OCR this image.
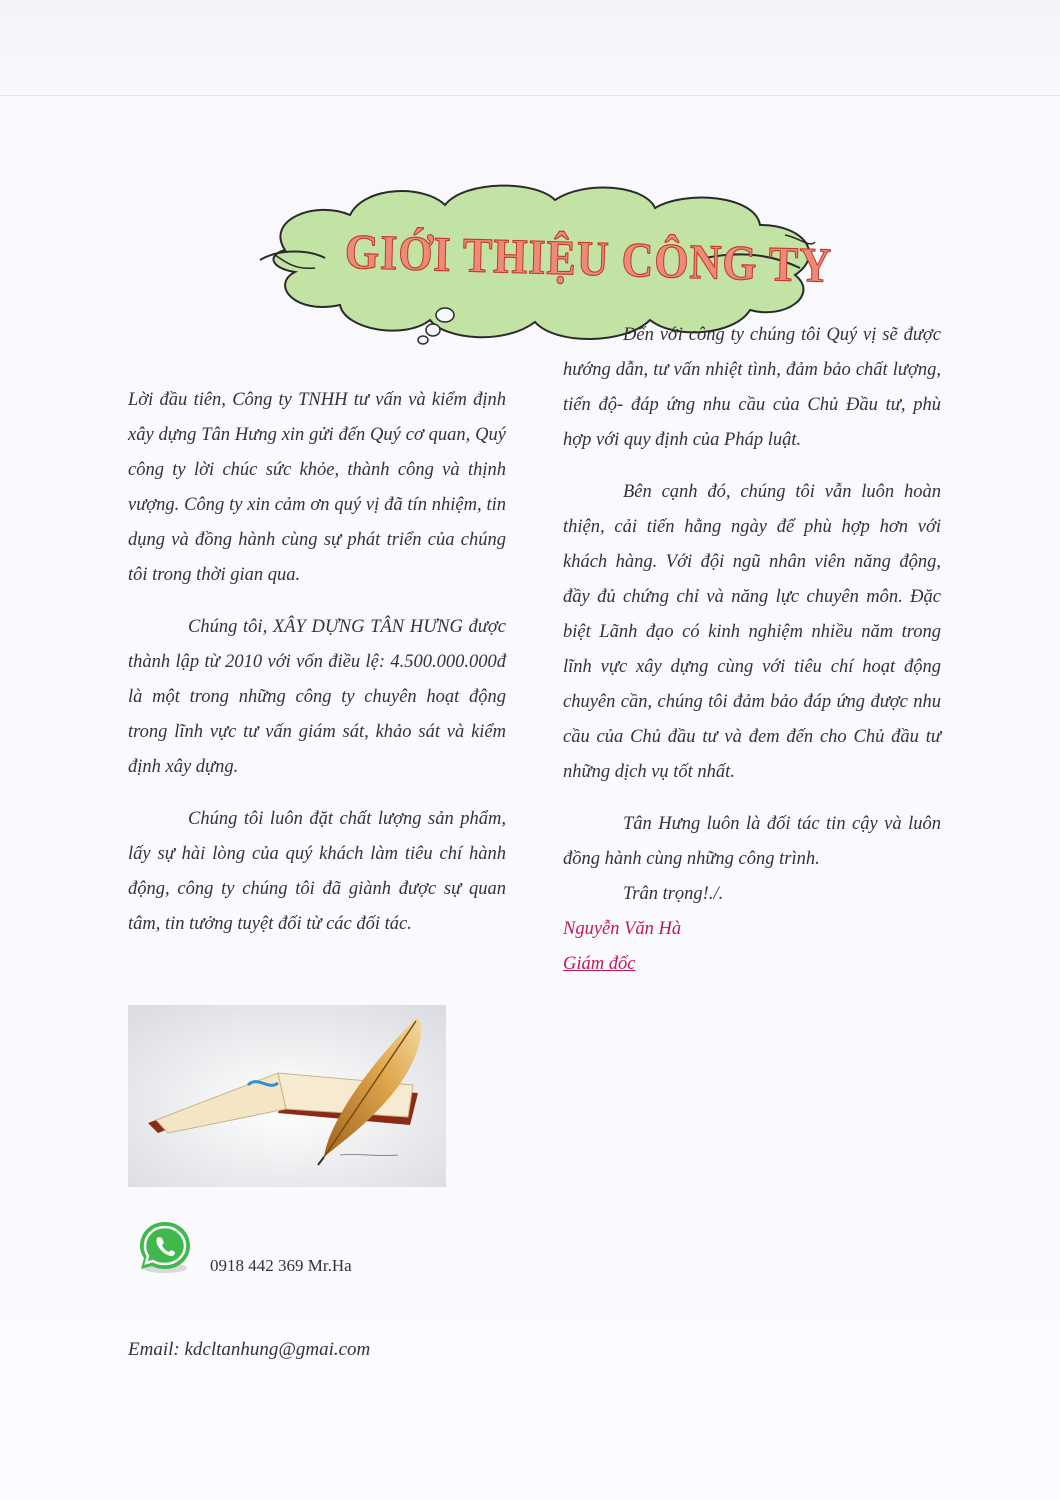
GIỚI THIỆU CÔNG TY

Lời đầu tiên, Công ty TNHH tư vấn và kiểm định xây dựng Tân Hưng xin gửi đến Quý cơ quan, Quý công ty lời chúc sức khỏe, thành công và thịnh vượng. Công ty xin cảm ơn quý vị đã tín nhiệm, tin dụng và đồng hành cùng sự phát triển của chúng tôi trong thời gian qua.

Chúng tôi, XÂY DỰNG TÂN HƯNG được thành lập từ 2010 với vốn điều lệ: 4.500.000.000đ là một trong những công ty chuyên hoạt động trong lĩnh vực tư vấn giám sát, khảo sát và kiểm định xây dựng.

Chúng tôi luôn đặt chất lượng sản phẩm, lấy sự hài lòng của quý khách làm tiêu chí hành động, công ty chúng tôi đã giành được sự quan tâm, tin tưởng tuyệt đối từ các đối tác.

Đến với công ty chúng tôi Quý vị sẽ được hướng dẫn, tư vấn nhiệt tình, đảm bảo chất lượng, tiến độ- đáp ứng nhu cầu của Chủ Đầu tư, phù hợp với quy định của Pháp luật.

Bên cạnh đó, chúng tôi vẫn luôn hoàn thiện, cải tiến hằng ngày để phù hợp hơn với khách hàng. Với đội ngũ nhân viên năng động, đầy đủ chứng chỉ và năng lực chuyên môn. Đặc biệt Lãnh đạo có kinh nghiệm nhiều năm trong lĩnh vực xây dựng cùng với tiêu chí hoạt động chuyên cần, chúng tôi đảm bảo đáp ứng được nhu cầu của Chủ đầu tư và đem đến cho Chủ đầu tư những dịch vụ tốt nhất.

Tân Hưng luôn là đối tác tin cậy và luôn đồng hành cùng những công trình.

Trân trọng!./.

Nguyễn Văn Hà

Giám đốc

0918 442 369 Mr.Ha
Email: kdcltanhung@gmai.com
